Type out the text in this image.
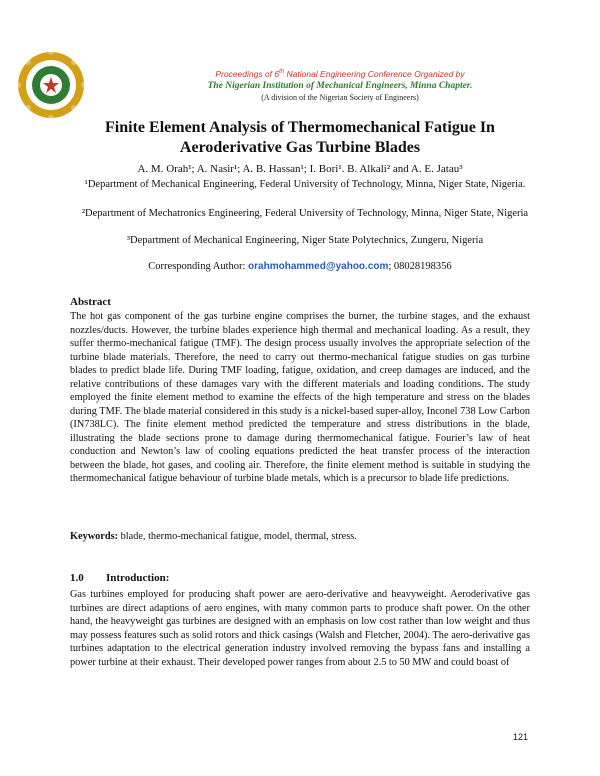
Proceedings of 6th National Engineering Conference Organized by
The Nigerian Institution of Mechanical Engineers, Minna Chapter.
(A division of the Nigerian Society of Engineers)
Finite Element Analysis of Thermomechanical Fatigue In
Aeroderivative Gas Turbine Blades
A. M. Orah¹; A. Nasir¹; A. B. Hassan¹; I. Bori¹. B. Alkali² and A. E. Jatau³
¹Department of Mechanical Engineering, Federal University of Technology, Minna, Niger State, Nigeria.
²Department of Mechatronics Engineering, Federal University of Technology, Minna, Niger State, Nigeria
³Department of Mechanical Engineering, Niger State Polytechnics, Zungeru, Nigeria
Corresponding Author: orahmohammed@yahoo.com; 08028198356
Abstract
The hot gas component of the gas turbine engine comprises the burner, the turbine stages, and the exhaust nozzles/ducts. However, the turbine blades experience high thermal and mechanical loading. As a result, they suffer thermo-mechanical fatigue (TMF). The design process usually involves the appropriate selection of the turbine blade materials. Therefore, the need to carry out thermo-mechanical fatigue studies on gas turbine blades to predict blade life. During TMF loading, fatigue, oxidation, and creep damages are induced, and the relative contributions of these damages vary with the different materials and loading conditions. The study employed the finite element method to examine the effects of the high temperature and stress on the blades during TMF. The blade material considered in this study is a nickel-based super-alloy, Inconel 738 Low Carbon (IN738LC). The finite element method predicted the temperature and stress distributions in the blade, illustrating the blade sections prone to damage during thermomechanical fatigue. Fourier’s law of heat conduction and Newton’s law of cooling equations predicted the heat transfer process of the interaction between the blade, hot gases, and cooling air. Therefore, the finite element method is suitable in studying the thermomechanical fatigue behaviour of turbine blade metals, which is a precursor to blade life predictions.
Keywords: blade, thermo-mechanical fatigue, model, thermal, stress.
1.0 Introduction:
Gas turbines employed for producing shaft power are aero-derivative and heavyweight. Aeroderivative gas turbines are direct adaptions of aero engines, with many common parts to produce shaft power. On the other hand, the heavyweight gas turbines are designed with an emphasis on low cost rather than low weight and thus may possess features such as solid rotors and thick casings (Walsh and Fletcher, 2004). The aero-derivative gas turbines adaptation to the electrical generation industry involved removing the bypass fans and installing a power turbine at their exhaust. Their developed power ranges from about 2.5 to 50 MW and could boast of
121
